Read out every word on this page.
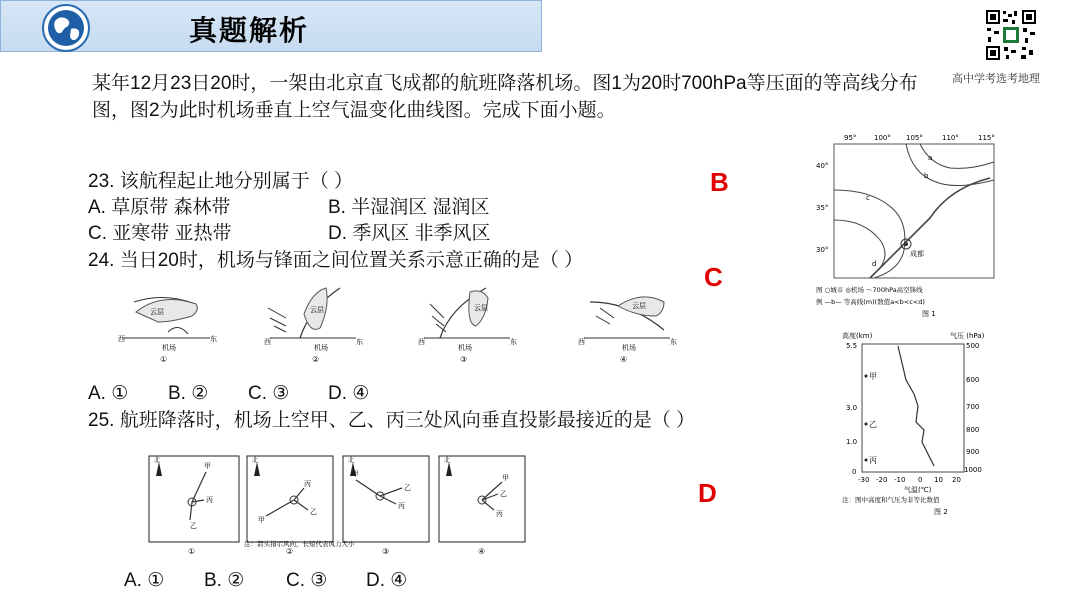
真题解析
高中学考选考地理
某年12月23日20时，一架由北京直飞成都的航班降落机场。图1为20时700hPa等压面的等高线分布图，图2为此时机场垂直上空气温变化曲线图。完成下面小题。
23. 该航程起止地分别属于（ ）
A. 草原带 森林带	B. 半湿润区 湿润区
C. 亚寒带 亚热带	D. 季风区 非季风区
B
24. 当日20时，机场与锋面之间位置关系示意正确的是（ ）
C
云层
西	东
机场
①
云层
西	东
机场
②
云层
西	东
机场
③
云层
西	东
机场
④
A. ① B. ② C. ③ D. ④
25. 航班降落时，机场上空甲、乙、丙三处风向垂直投影最接近的是（ ）
D
北
甲
丙
乙
①
北
甲
乙
丙
②
北
甲
乙
丙
③
北
甲
乙
丙
④
注：箭头指示风向，长短代表风力大小
A. ① B. ② C. ③ D. ④
95°	100° 105°	110°	115°
40°
35°
30°
a
b
c
d
成都
图 ○城市 ◎机场 ～700hPa高空锋线
例 —b— 等高线(m)(数值a<b<c<d)
图 1
高度(km)	气压 (hPa)
5.5
3.0
1.0
0
500
600
700
800
900
1000
-30 -20 -10 0 10 20
气温(℃)
甲
乙
丙
注：图中高度和气压为非等比数值
图 2
